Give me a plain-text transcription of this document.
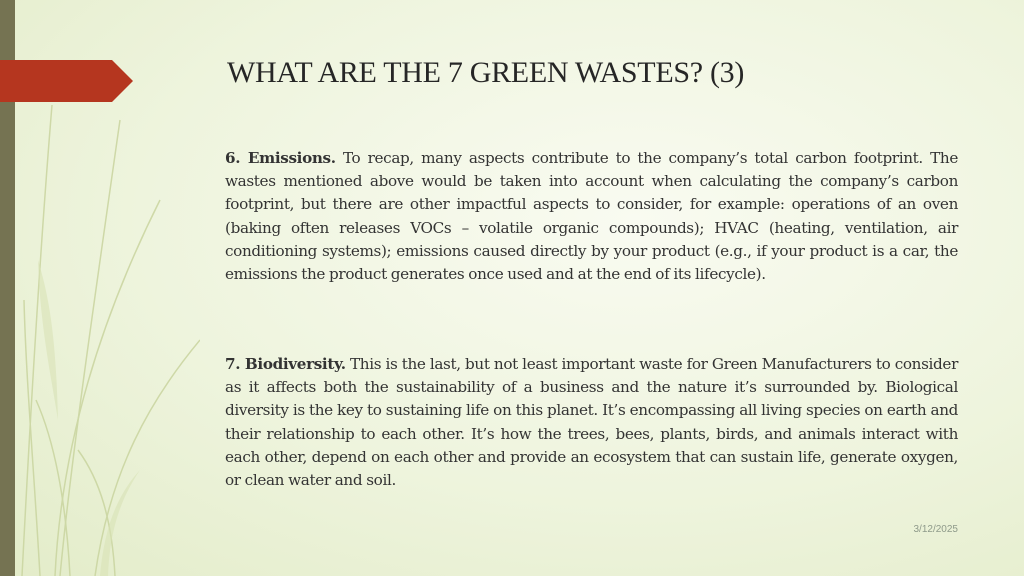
WHAT ARE THE 7 GREEN WASTES? (3)

6. Emissions. To recap, many aspects contribute to the company’s total carbon footprint. The wastes mentioned above would be taken into account when calculating the company’s carbon footprint, but there are other impactful aspects to consider, for example: operations of an oven (baking often releases VOCs – volatile organic compounds); HVAC (heating, ventilation, air conditioning systems); emissions caused directly by your product (e.g., if your product is a car, the emissions the product generates once used and at the end of its lifecycle).

7. Biodiversity. This is the last, but not least important waste for Green Manufacturers to consider as it affects both the sustainability of a business and the nature it’s surrounded by. Biological diversity is the key to sustaining life on this planet. It’s encompassing all living species on earth and their relationship to each other. It’s how the trees, bees, plants, birds, and animals interact with each other, depend on each other and provide an ecosystem that can sustain life, generate oxygen, or clean water and soil.

3/12/2025
